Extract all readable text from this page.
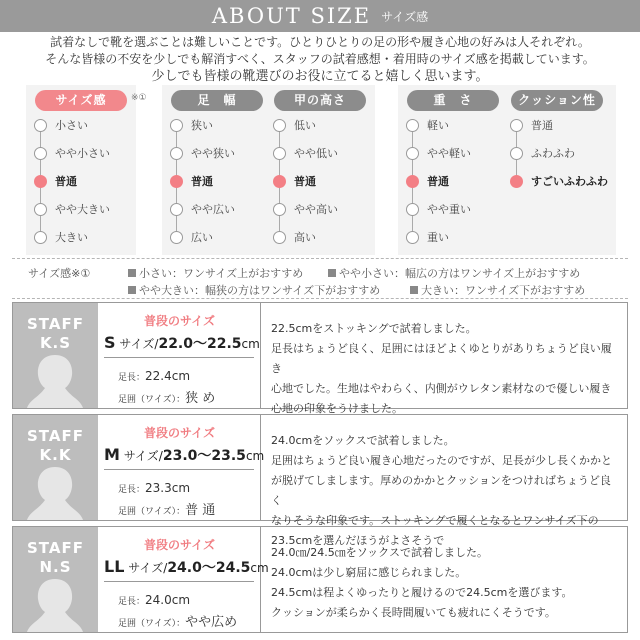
ABOUT SIZE サイズ感
試着なしで靴を選ぶことは難しいことです。ひとりひとりの足の形や履き心地の好みは人それぞれ。
そんな皆様の不安を少しでも解消すべく、スタッフの試着感想・着用時のサイズ感を掲載しています。
少しでも皆様の靴選びのお役に立てると嬉しく思います。
サイズ感	※①
小さい
やや小さい
普通
やや大きい
大きい
足　幅
狭い
やや狭い
普通
やや広い
広い
甲の高さ
低い
やや低い
普通
やや高い
高い
重　さ
軽い
やや軽い
普通
やや重い
重い
クッション性
普通
ふわふわ
すごいふわふわ
サイズ感※①	小さい：ワンサイズ上がおすすめ	やや小さい：幅広の方はワンサイズ上がおすすめ
やや大きい：幅狭の方はワンサイズ下がおすすめ	大きい：ワンサイズ下がおすすめ
STAFF
K.S
普段のサイズ
S サイズ/22.0〜22.5cm
足長：22.4cm
足囲（ワイズ）：狭 め
22.5cmをストッキングで試着しました。
足長はちょうど良く、足囲にはほどよくゆとりがありちょうど良い履き
心地でした。生地はやわらく、内側がウレタン素材なので優しい履き
心地の印象をうけました。
STAFF
K.K
普段のサイズ
M サイズ/23.0〜23.5cm
足長：23.3cm
足囲（ワイズ）：普 通
24.0cmをソックスで試着しました。
足囲はちょうど良い履き心地だったのですが、足長が少し長くかかと
が脱げてしまします。厚めのかかとクッションをつければちょうど良く
なりそうな印象です。ストッキングで履くとなるとワンサイズ下の
23.5cmを選んだほうがよさそうで
STAFF
N.S
普段のサイズ
LL サイズ/24.0〜24.5cm
足長：24.0cm
足囲（ワイズ）：やや広め
24.0㎝/24.5㎝をソックスで試着しました。
24.0cmは少し窮屈に感じられました。
24.5cmは程よくゆったりと履けるので24.5cmを選びます。
クッションが柔らかく長時間履いても疲れにくそうです。
